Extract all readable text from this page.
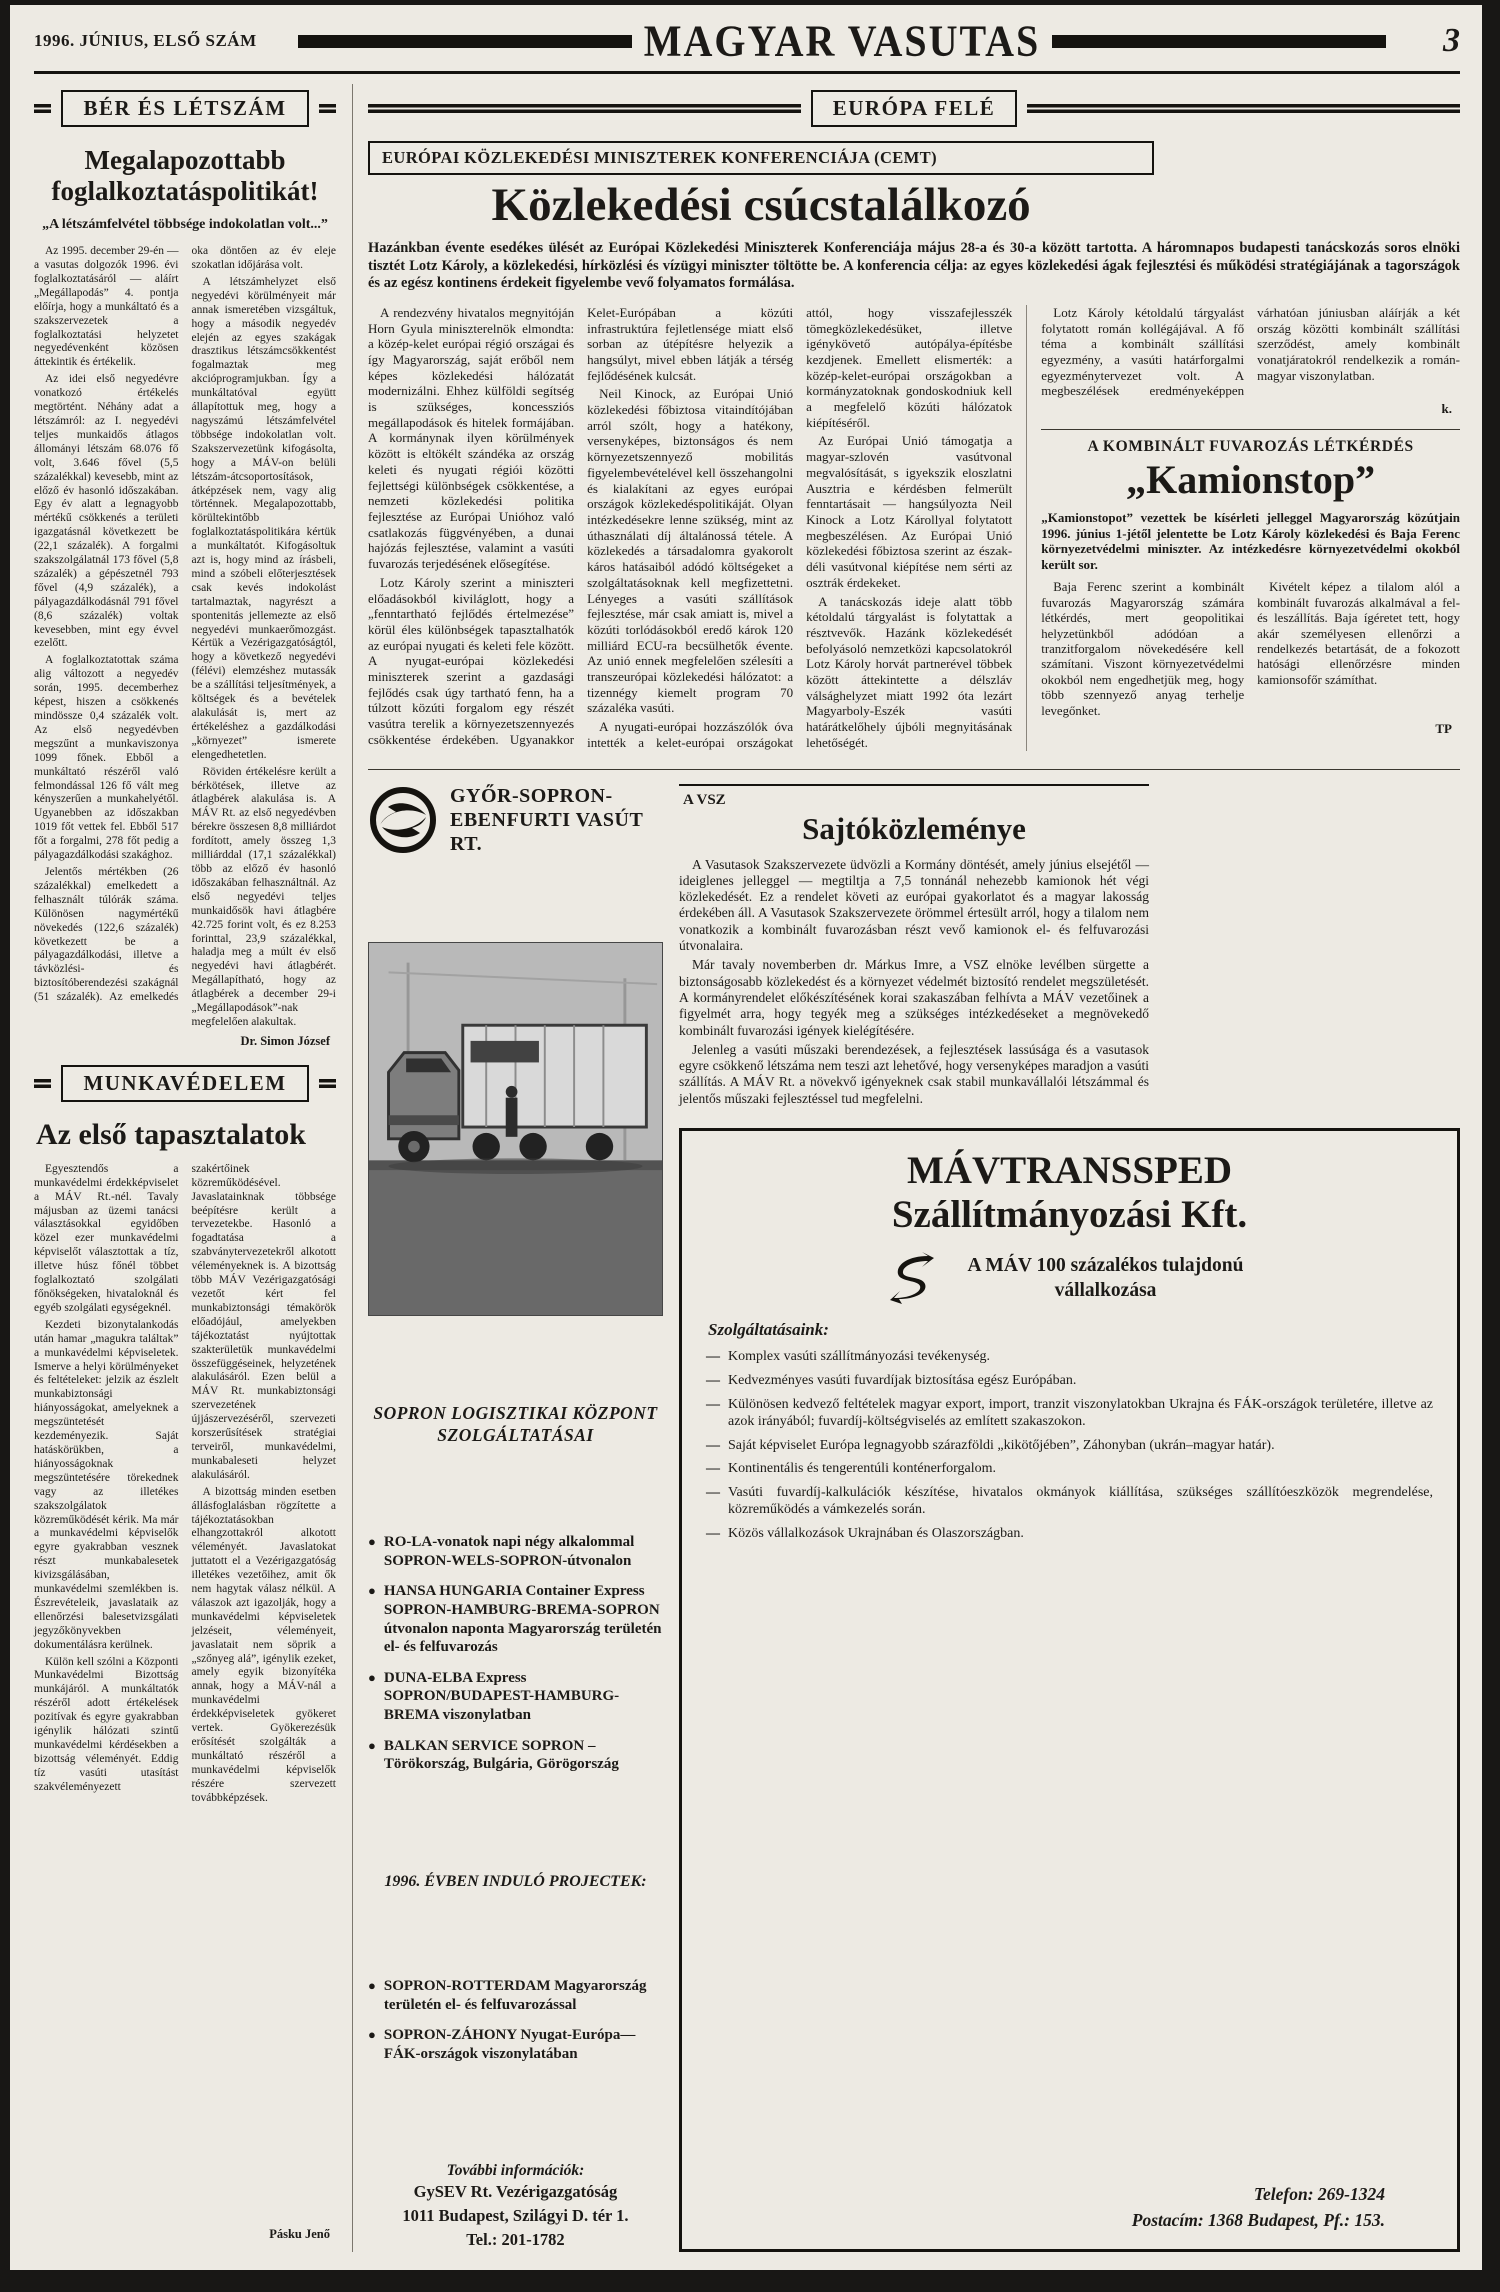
1996. JÚNIUS, ELSŐ SZÁM	MAGYAR VASUTAS	3
BÉR ÉS LÉTSZÁM
Megalapozottabb foglalkoztatáspolitikát!
„A létszámfelvétel többsége indokolatlan volt...”

Az 1995. december 29-én — a vasutas dolgozók 1996. évi foglalkoztatásáról — aláírt „Megállapodás” 4. pontja előírja, hogy a munkáltató és a szakszervezetek a foglalkoztatási helyzetet negyedévenként közösen áttekintik és értékelik.

Az idei első negyedévre vonatkozó értékelés megtörtént. Néhány adat a létszámról: az I. negyedévi teljes munkaidős átlagos állományi létszám 68.076 fő volt, 3.646 fővel (5,5 százalékkal) kevesebb, mint az előző év hasonló időszakában. Egy év alatt a legnagyobb mértékű csökkenés a területi igazgatásnál következett be (22,1 százalék). A forgalmi szakszolgálatnál 173 fővel (5,8 százalék) a gépészetnél 793 fővel (4,9 százalék), a pályagazdálkodásnál 791 fővel (8,6 százalék) voltak kevesebben, mint egy évvel ezelőtt.

A foglalkoztatottak száma alig változott a negyedév során, 1995. decemberhez képest, hiszen a csökkenés mindössze 0,4 százalék volt. Az első negyedévben megszűnt a munkaviszonya 1099 főnek. Ebből a munkáltató részéről való felmondással 126 fő vált meg kényszerűen a munkahelyétől. Ugyanebben az időszakban 1019 főt vettek fel. Ebből 517 főt a forgalmi, 278 főt pedig a pályagazdálkodási szakághoz.

Jelentős mértékben (26 százalékkal) emelkedett a felhasznált túlórák száma. Különösen nagymértékű növekedés (122,6 százalék) következett be a pályagazdálkodási, illetve a távközlési- és biztosítóberendezési szakágnál (51 százalék). Az emelkedés oka döntően az év eleje szokatlan időjárása volt.

A létszámhelyzet első negyedévi körülményeit már annak ismeretében vizsgáltuk, hogy a második negyedév elején az egyes szakágak drasztikus létszámcsökkentést fogalmaztak meg akcióprogramjukban. Így a munkáltatóval együtt állapítottuk meg, hogy a nagyszámú létszámfelvétel többsége indokolatlan volt. Szakszervezetünk kifogásolta, hogy a MÁV-on belüli létszám-átcsoportosítások, átképzések nem, vagy alig történnek. Megalapozottabb, körültekintőbb foglalkoztatáspolitikára kértük a munkáltatót. Kifogásoltuk azt is, hogy mind az írásbeli, mind a szóbeli előterjesztések csak kevés indokolást tartalmaztak, nagyrészt a spontenitás jellemezte az első negyedévi munkaerőmozgást. Kértük a Vezérigazgatóságtól, hogy a következő negyedévi (félévi) elemzéshez mutassák be a szállítási teljesítmények, a költségek és a bevételek alakulását is, mert az értékeléshez a gazdálkodási „környezet” ismerete elengedhetetlen.

Röviden értékelésre került a bérkötések, illetve az átlagbérek alakulása is. A MÁV Rt. az első negyedévben bérekre összesen 8,8 milliárdot fordított, amely összeg 1,3 milliárddal (17,1 százalékkal) több az előző év hasonló időszakában felhasználtnál. Az első negyedévi teljes munkaidősök havi átlagbére 42.725 forint volt, és ez 8.253 forinttal, 23,9 százalékkal, haladja meg a múlt év első negyedévi havi átlagbérét. Megállapítható, hogy az átlagbérek a december 29-i „Megállapodások”-nak megfelelően alakultak.

Dr. Simon József
MUNKAVÉDELEM
Az első tapasztalatok

Egyesztendős a munkavédelmi érdekképviselet a MÁV Rt.-nél. Tavaly májusban az üzemi tanácsi választásokkal egyidőben közel ezer munkavédelmi képviselőt választottak a tíz, illetve húsz főnél többet foglalkoztató szolgálati főnökségeken, hivataloknál és egyéb szolgálati egységeknél.

Kezdeti bizonytalankodás után hamar „magukra találtak” a munkavédelmi képviseletek. Ismerve a helyi körülményeket és feltételeket: jelzik az észlelt munkabiztonsági hiányosságokat, amelyeknek a megszüntetését kezdeményezik. Saját hatáskörükben, a hiányosságoknak megszüntetésére törekednek vagy az illetékes szakszolgálatok közreműködését kérik. Ma már a munkavédelmi képviselők egyre gyakrabban vesznek részt munkabalesetek kivizsgálásában, munkavédelmi szemlékben is. Észrevételeik, javaslataik az ellenőrzési balesetvizsgálati jegyzőkönyvekben dokumentálásra kerülnek.

Külön kell szólni a Központi Munkavédelmi Bizottság munkájáról. A munkáltatók részéről adott értékelések pozitívak és egyre gyakrabban igénylik hálózati szintű munkavédelmi kérdésekben a bizottság véleményét. Eddig tíz vasúti utasítást szakvéleményezett szakértőinek közreműködésével. Javaslatainknak többsége beépítésre került a tervezetekbe. Hasonló a fogadtatása a szabványtervezetekről alkotott véleményeknek is. A bizottság több MÁV Vezérigazgatósági vezetőt kért fel munkabiztonsági témakörök előadójául, amelyekben tájékoztatást nyújtottak szakterületük munkavédelmi összefüggéseinek, helyzetének alakulásáról. Ezen belül a MÁV Rt. munkabiztonsági szervezetének újjászervezéséről, szervezeti korszerűsítések stratégiai terveiről, munkavédelmi, munkabaleseti helyzet alakulásáról.

A bizottság minden esetben állásfoglalásban rögzítette a tájékoztatásokban elhangzottakról alkotott véleményét. Javaslatokat juttatott el a Vezérigazgatóság illetékes vezetőihez, amit ők nem hagytak válasz nélkül. A válaszok azt igazolják, hogy a munkavédelmi képviseletek jelzéseit, véleményeit, javaslatait nem söprik a „szőnyeg alá”, igénylik ezeket, amely egyik bizonyítéka annak, hogy a MÁV-nál a munkavédelmi érdekképviseletek gyökeret vertek. Gyökerezésük erősítését szolgálták a munkáltató részéről a munkavédelmi képviselők részére szervezett továbbképzések.

Pásku Jenő
EURÓPA FELÉ
EURÓPAI KÖZLEKEDÉSI MINISZTEREK KONFERENCIÁJA (CEMT)
Közlekedési csúcstalálkozó

Hazánkban évente esedékes ülését az Európai Közlekedési Miniszterek Konferenciája május 28-a és 30-a között tartotta. A háromnapos budapesti tanácskozás soros elnöki tisztét Lotz Károly, a közlekedési, hírközlési és vízügyi miniszter töltötte be. A konferencia célja: az egyes közlekedési ágak fejlesztési és működési stratégiájának a tagországok és az egész kontinens érdekeit figyelembe vevő folyamatos formálása.

A rendezvény hivatalos megnyitóján Horn Gyula miniszterelnök elmondta: a közép-kelet európai régió országai és így Magyarország, saját erőből nem képes közlekedési hálózatát modernizálni. Ehhez külföldi segítség is szükséges, koncessziós megállapodások és hitelek formájában. A kormánynak ilyen körülmények között is eltökélt szándéka az ország keleti és nyugati régiói közötti fejlettségi különbségek csökkentése, a nemzeti közlekedési politika fejlesztése az Európai Unióhoz való csatlakozás függvényében, a dunai hajózás fejlesztése, valamint a vasúti fuvarozás terjedésének elősegítése.

Lotz Károly szerint a miniszteri előadásokból kiviláglott, hogy a „fenntartható fejlődés értelmezése” körül éles különbségek tapasztalhatók az európai nyugati és keleti fele között. A nyugat-európai közlekedési miniszterek szerint a gazdasági fejlődés csak úgy tartható fenn, ha a túlzott közúti forgalom egy részét vasútra terelik a környezetszennyezés csökkentése érdekében. Ugyanakkor Kelet-Európában a közúti infrastruktúra fejletlensége miatt első sorban az útépítésre helyezik a hangsúlyt, mivel ebben látják a térség fejlődésének kulcsát.

Neil Kinock, az Európai Unió közlekedési főbiztosa vitaindítójában arról szólt, hogy a hatékony, versenyképes, biztonságos és nem környezetszennyező mobilitás figyelembevételével kell összehangolni és kialakítani az egyes európai országok közlekedéspolitikáját. Olyan intézkedésekre lenne szükség, mint az úthasználati díj általánossá tétele. A közlekedés a társadalomra gyakorolt káros hatásaiból adódó költségeket a szolgáltatásoknak kell megfizettetni. Lényeges a vasúti szállítások fejlesztése, már csak amiatt is, mivel a közúti torlódásokból eredő károk 120 milliárd ECU-ra becsülhetők évente. Az unió ennek megfelelően szélesíti a transzeurópai közlekedési hálózatot: a tizennégy kiemelt program 70 százaléka vasúti.

A nyugati-európai hozzászólók óva intették a kelet-európai országokat attól, hogy visszafejlesszék tömegközlekedésüket, illetve igénykövető autópálya-építésbe kezdjenek. Emellett elismerték: a közép-kelet-európai országokban a kormányzatoknak gondoskodniuk kell a megfelelő közúti hálózatok kiépítéséről.

Az Európai Unió támogatja a magyar-szlovén vasútvonal megvalósítását, s igyekszik eloszlatni Ausztria e kérdésben felmerült fenntartásait — hangsúlyozta Neil Kinock a Lotz Károllyal folytatott megbeszélésen. Az Európai Unió közlekedési főbiztosa szerint az észak-déli vasútvonal kiépítése nem sérti az osztrák érdekeket.

A tanácskozás ideje alatt több kétoldalú tárgyalást is folytattak a résztvevők. Hazánk közlekedését befolyásoló nemzetközi kapcsolatokról Lotz Károly horvát partnerével többek között áttekintette a délszláv válsághelyzet miatt 1992 óta lezárt Magyarboly-Eszék vasúti határátkelőhely újbóli megnyitásának lehetőségét.

Lotz Károly kétoldalú tárgyalást folytatott román kollégájával. A fő téma a kombinált szállítási egyezmény, a vasúti határforgalmi egyezménytervezet volt. A megbeszélések eredményeképpen várhatóan júniusban aláírják a két ország közötti kombinált szállítási szerződést, amely kombinált vonatjáratokról rendelkezik a román-magyar viszonylatban.

k.
A KOMBINÁLT FUVAROZÁS LÉTKÉRDÉS
„Kamionstop”

„Kamionstopot” vezettek be kísérleti jelleggel Magyarország közútjain 1996. június 1-jétől jelentette be Lotz Károly közlekedési és Baja Ferenc környezetvédelmi miniszter. Az intézkedésre környezetvédelmi okokból került sor.

Baja Ferenc szerint a kombinált fuvarozás Magyarország számára létkérdés, mert geopolitikai helyzetünkből adódóan a tranzitforgalom növekedésére kell számítani. Viszont környezetvédelmi okokból nem engedhetjük meg, hogy több szennyező anyag terhelje levegőnket.

Kivételt képez a tilalom alól a kombinált fuvarozás alkalmával a fel- és leszállítás. Baja ígéretet tett, hogy akár személyesen ellenőrzi a rendelkezés betartását, de a fokozott hatósági ellenőrzésre minden kamionsofőr számíthat.

TP
GYŐR-SOPRON-EBENFURTI VASÚT RT.
SOPRON LOGISZTIKAI KÖZPONT SZOLGÁLTATÁSAI
● RO-LA-vonatok napi négy alkalommal SOPRON-WELS-SOPRON-útvonalon
● HANSA HUNGARIA Container Express SOPRON-HAMBURG-BREMA-SOPRON útvonalon naponta Magyarország területén el- és felfuvarozás
● DUNA-ELBA Express SOPRON/BUDAPEST-HAMBURG-BREMA viszonylatban
● BALKAN SERVICE SOPRON – Törökország, Bulgária, Görögország
1996. ÉVBEN INDULÓ PROJECTEK:
● SOPRON-ROTTERDAM Magyarország területén el- és felfuvarozással
● SOPRON-ZÁHONY Nyugat-Európa—FÁK-országok viszonylatában
További információk:
GySEV Rt. Vezérigazgatóság
1011 Budapest, Szilágyi D. tér 1.
Tel.: 201-1782
A VSZ
Sajtóközleménye

A Vasutasok Szakszervezete üdvözli a Kormány döntését, amely június elsejétől — ideiglenes jelleggel — megtiltja a 7,5 tonnánál nehezebb kamionok hét végi közlekedését. Ez a rendelet követi az európai gyakorlatot és a magyar lakosság érdekében áll. A Vasutasok Szakszervezete örömmel értesült arról, hogy a tilalom nem vonatkozik a kombinált fuvarozásban részt vevő kamionok el- és felfuvarozási útvonalaira.

Már tavaly novemberben dr. Márkus Imre, a VSZ elnöke levélben sürgette a biztonságosabb közlekedést és a környezet védelmét biztosító rendelet megszületését. A kormányrendelet előkészítésének korai szakaszában felhívta a MÁV vezetőinek a figyelmét arra, hogy tegyék meg a szükséges intézkedéseket a megnövekedő kombinált fuvarozási igények kielégítésére.

Jelenleg a vasúti műszaki berendezések, a fejlesztések lassúsága és a vasutasok egyre csökkenő létszáma nem teszi azt lehetővé, hogy versenyképes maradjon a vasúti szállítás. A MÁV Rt. a növekvő igényeknek csak stabil munkavállalói létszámmal és jelentős műszaki fejlesztéssel tud megfelelni.

MÁVTRANSSPED
Szállítmányozási Kft.
A MÁV 100 százalékos tulajdonú vállalkozása
Szolgáltatásaink:
— Komplex vasúti szállítmányozási tevékenység.
— Kedvezményes vasúti fuvardíjak biztosítása egész Európában.
— Különösen kedvező feltételek magyar export, import, tranzit viszonylatokban Ukrajna és FÁK-országok területére, illetve az azok irányából; fuvardíj-költségviselés az említett szakaszokon.
— Saját képviselet Európa legnagyobb szárazföldi „kikötőjében”, Záhonyban (ukrán–magyar határ).
— Kontinentális és tengerentúli konténerforgalom.
— Vasúti fuvardíj-kalkulációk készítése, hivatalos okmányok kiállítása, szükséges szállítóeszközök megrendelése, közreműködés a vámkezelés során.
— Közös vállalkozások Ukrajnában és Olaszországban.
Telefon: 269-1324
Postacím: 1368 Budapest, Pf.: 153.
